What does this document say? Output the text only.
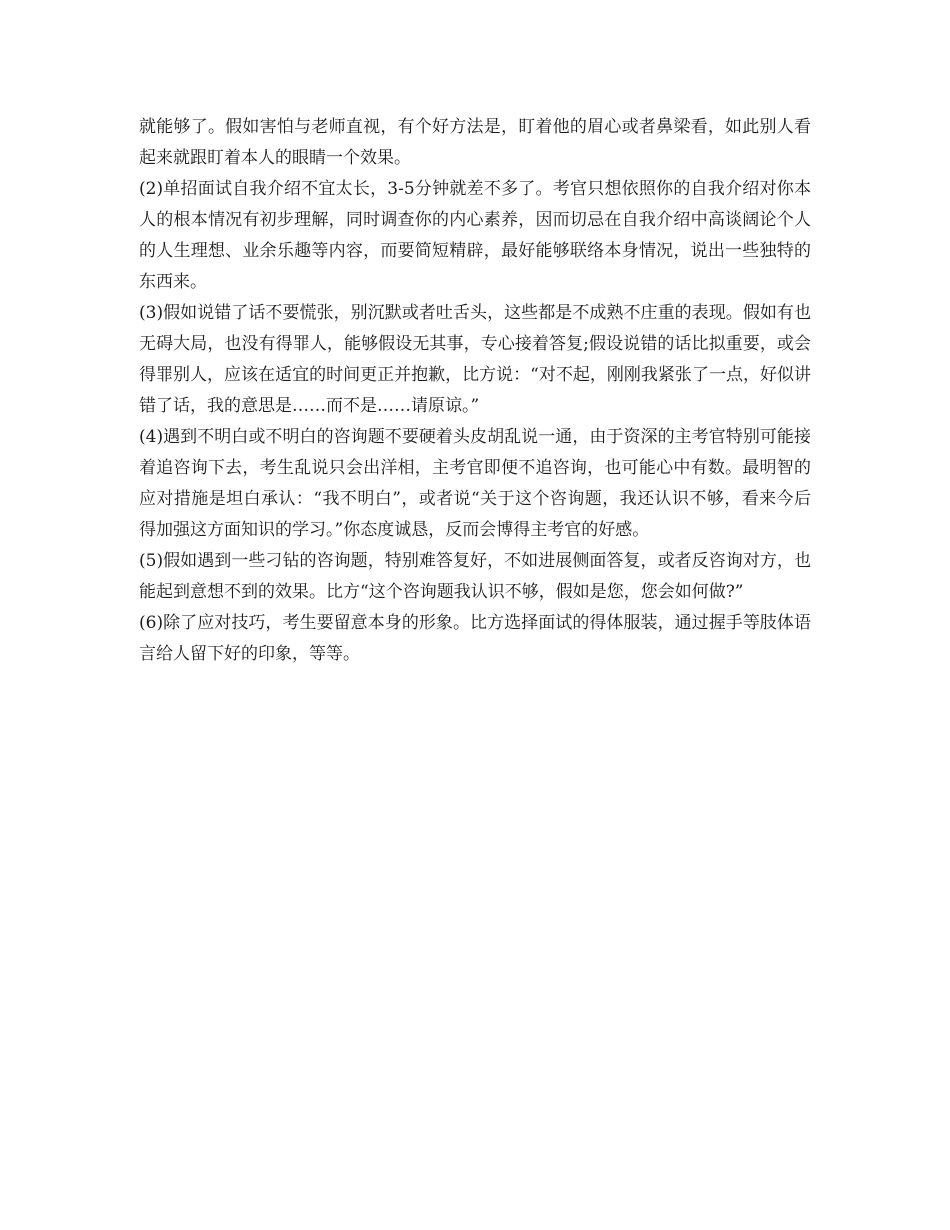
就能够了。假如害怕与老师直视，有个好方法是，盯着他的眉心或者鼻梁看，如此别人看起来就跟盯着本人的眼睛一个效果。

(2)单招面试自我介绍不宜太长，3-5分钟就差不多了。考官只想依照你的自我介绍对你本人的根本情况有初步理解，同时调查你的内心素养，因而切忌在自我介绍中高谈阔论个人的人生理想、业余乐趣等内容，而要简短精辟，最好能够联络本身情况，说出一些独特的东西来。

(3)假如说错了话不要慌张，别沉默或者吐舌头，这些都是不成熟不庄重的表现。假如有也无碍大局，也没有得罪人，能够假设无其事，专心接着答复;假设说错的话比拟重要，或会得罪别人，应该在适宜的时间更正并抱歉，比方说：“对不起，刚刚我紧张了一点，好似讲错了话，我的意思是……而不是……请原谅。”

(4)遇到不明白或不明白的咨询题不要硬着头皮胡乱说一通，由于资深的主考官特别可能接着追咨询下去，考生乱说只会出洋相，主考官即便不追咨询，也可能心中有数。最明智的应对措施是坦白承认：“我不明白”，或者说“关于这个咨询题，我还认识不够，看来今后得加强这方面知识的学习。”你态度诚恳，反而会博得主考官的好感。

(5)假如遇到一些刁钻的咨询题，特别难答复好，不如进展侧面答复，或者反咨询对方，也能起到意想不到的效果。比方“这个咨询题我认识不够，假如是您，您会如何做?”

(6)除了应对技巧，考生要留意本身的形象。比方选择面试的得体服装，通过握手等肢体语言给人留下好的印象，等等。
